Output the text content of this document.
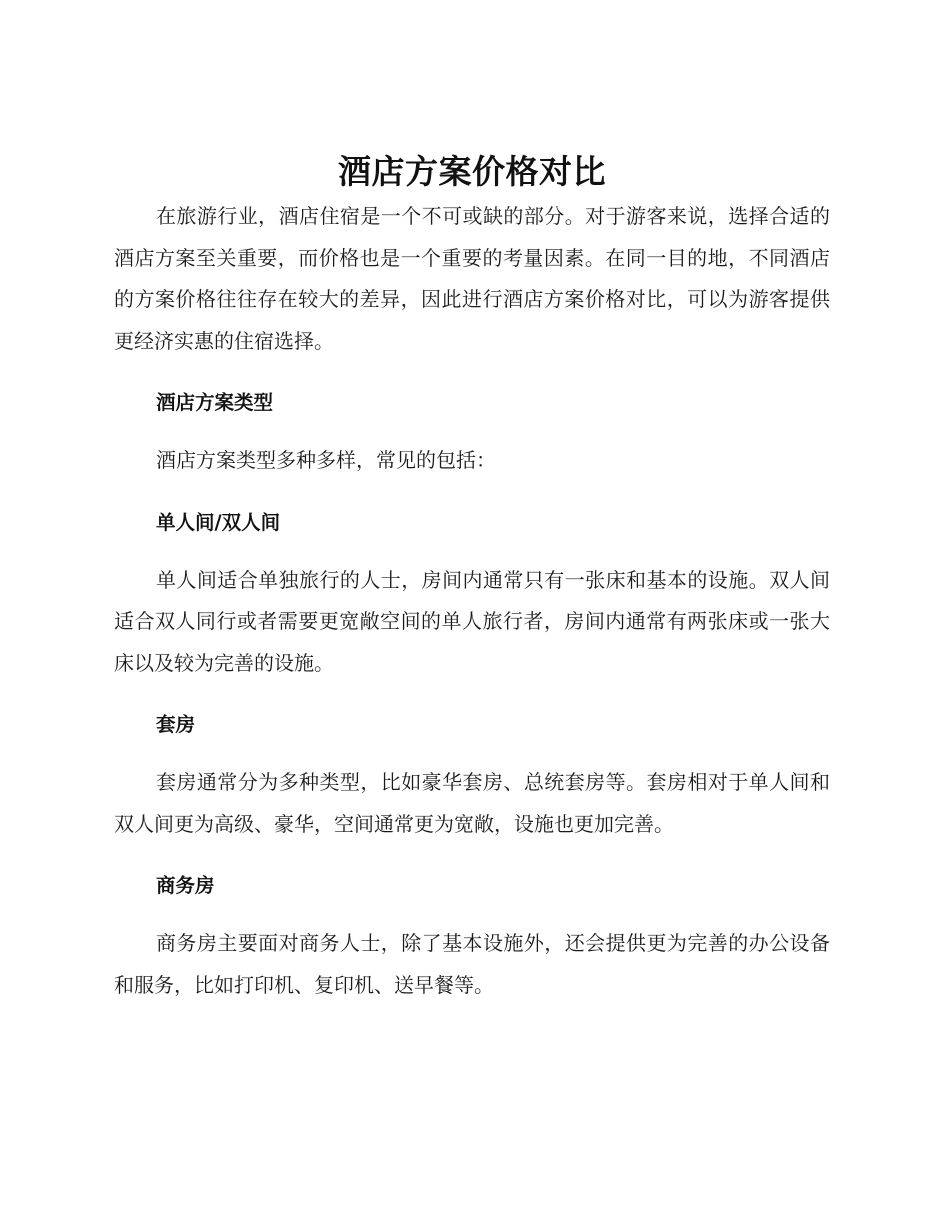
酒店方案价格对比

在旅游行业，酒店住宿是一个不可或缺的部分。对于游客来说，选择合适的酒店方案至关重要，而价格也是一个重要的考量因素。在同一目的地，不同酒店的方案价格往往存在较大的差异，因此进行酒店方案价格对比，可以为游客提供更经济实惠的住宿选择。

酒店方案类型

酒店方案类型多种多样，常见的包括：

单人间/双人间

单人间适合单独旅行的人士，房间内通常只有一张床和基本的设施。双人间适合双人同行或者需要更宽敞空间的单人旅行者，房间内通常有两张床或一张大床以及较为完善的设施。

套房

套房通常分为多种类型，比如豪华套房、总统套房等。套房相对于单人间和双人间更为高级、豪华，空间通常更为宽敞，设施也更加完善。

商务房

商务房主要面对商务人士，除了基本设施外，还会提供更为完善的办公设备和服务，比如打印机、复印机、送早餐等。
